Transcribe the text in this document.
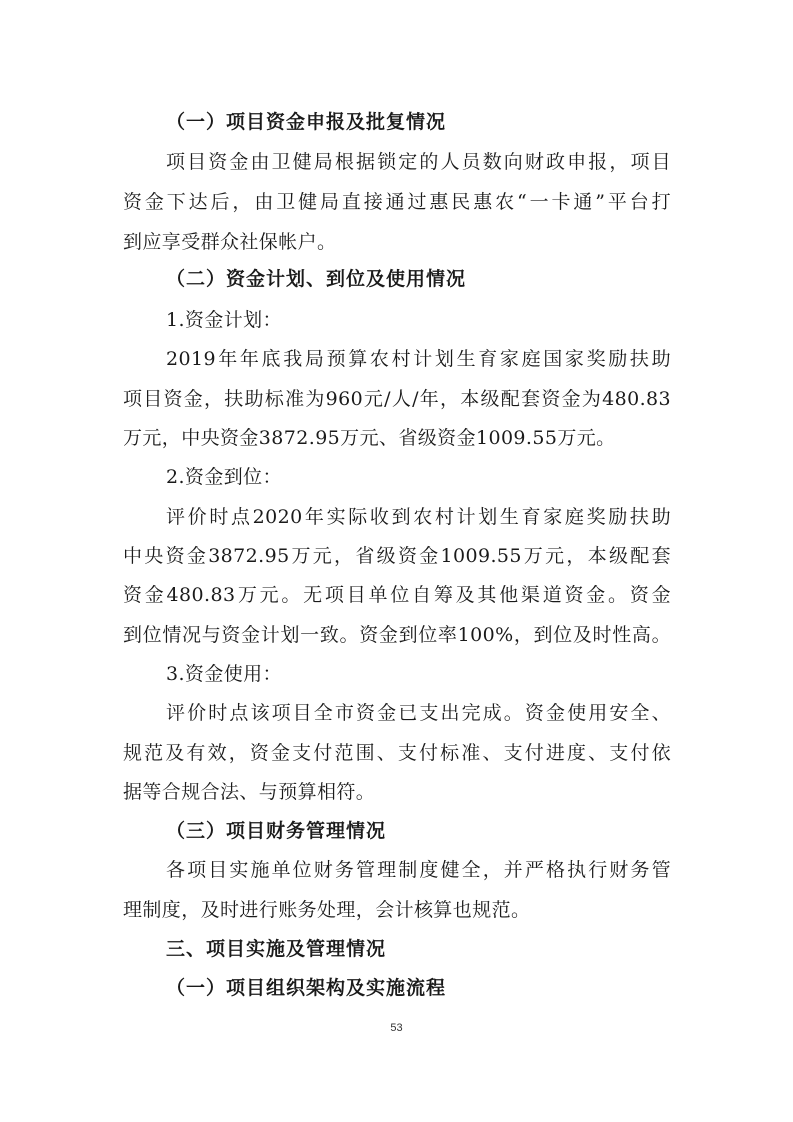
（一）项目资金申报及批复情况
项目资金由卫健局根据锁定的人员数向财政申报，项目
资金下达后，由卫健局直接通过惠民惠农“一卡通”平台打
到应享受群众社保帐户。
（二）资金计划、到位及使用情况
1.资金计划：
2019年年底我局预算农村计划生育家庭国家奖励扶助
项目资金，扶助标准为960元/人/年，本级配套资金为480.83
万元，中央资金3872.95万元、省级资金1009.55万元。
2.资金到位：
评价时点2020年实际收到农村计划生育家庭奖励扶助
中央资金3872.95万元，省级资金1009.55万元，本级配套
资金480.83万元。无项目单位自筹及其他渠道资金。资金
到位情况与资金计划一致。资金到位率100%，到位及时性高。
3.资金使用：
评价时点该项目全市资金已支出完成。资金使用安全、
规范及有效，资金支付范围、支付标准、支付进度、支付依
据等合规合法、与预算相符。
（三）项目财务管理情况
各项目实施单位财务管理制度健全，并严格执行财务管
理制度，及时进行账务处理，会计核算也规范。
三、项目实施及管理情况
（一）项目组织架构及实施流程
53
